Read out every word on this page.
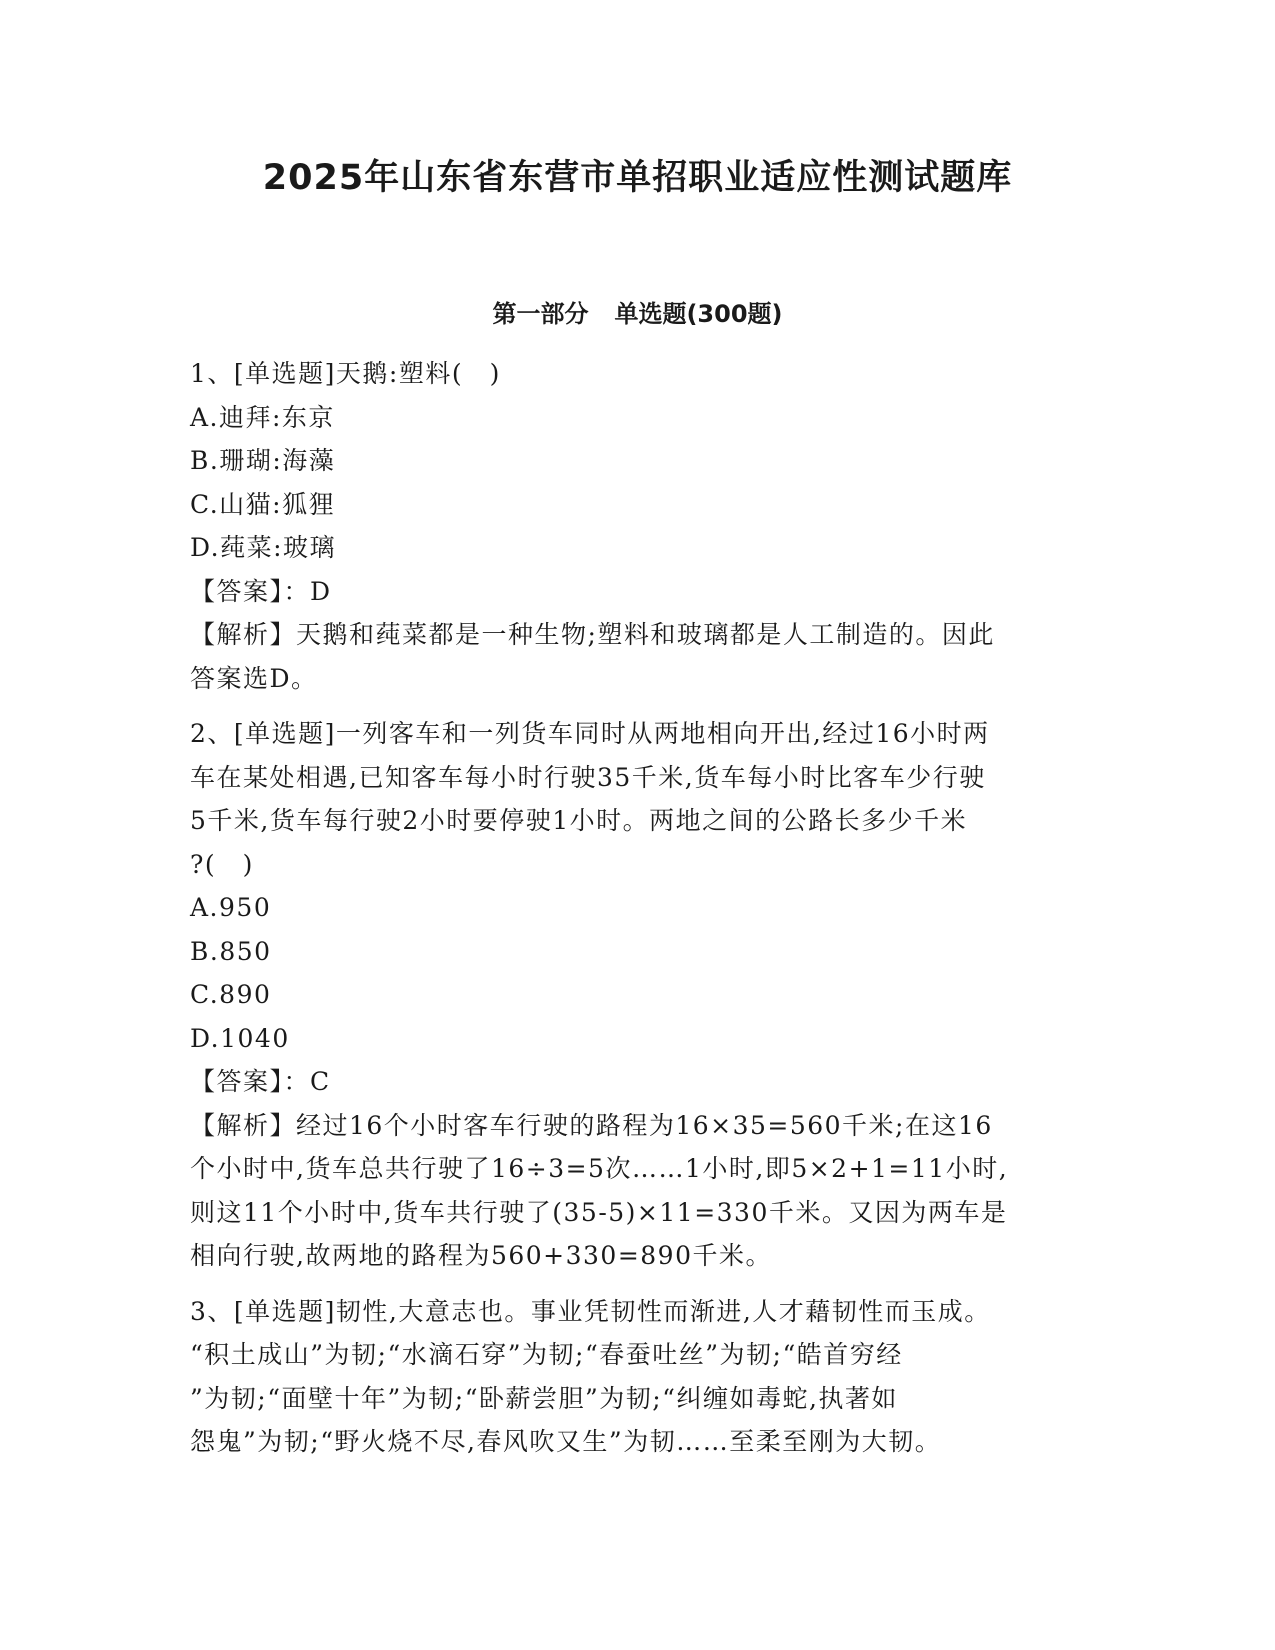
2025年山东省东营市单招职业适应性测试题库
第一部分 单选题(300题)

1、[单选题]天鹅:塑料(　)

A.迪拜:东京

B.珊瑚:海藻

C.山猫:狐狸

D.莼菜:玻璃

【答案】：D

【解析】天鹅和莼菜都是一种生物;塑料和玻璃都是人工制造的。因此

答案选D。

2、[单选题]一列客车和一列货车同时从两地相向开出,经过16小时两

车在某处相遇,已知客车每小时行驶35千米,货车每小时比客车少行驶

5千米,货车每行驶2小时要停驶1小时。两地之间的公路长多少千米

?(　)

A.950

B.850

C.890

D.1040

【答案】：C

【解析】经过16个小时客车行驶的路程为16×35=560千米;在这16

个小时中,货车总共行驶了16÷3=5次……1小时,即5×2+1=11小时,

则这11个小时中,货车共行驶了(35-5)×11=330千米。又因为两车是

相向行驶,故两地的路程为560+330=890千米。

3、[单选题]韧性,大意志也。事业凭韧性而渐进,人才藉韧性而玉成。

“积土成山”为韧;“水滴石穿”为韧;“春蚕吐丝”为韧;“皓首穷经

”为韧;“面壁十年”为韧;“卧薪尝胆”为韧;“纠缠如毒蛇,执著如

怨鬼”为韧;“野火烧不尽,春风吹又生”为韧……至柔至刚为大韧。
